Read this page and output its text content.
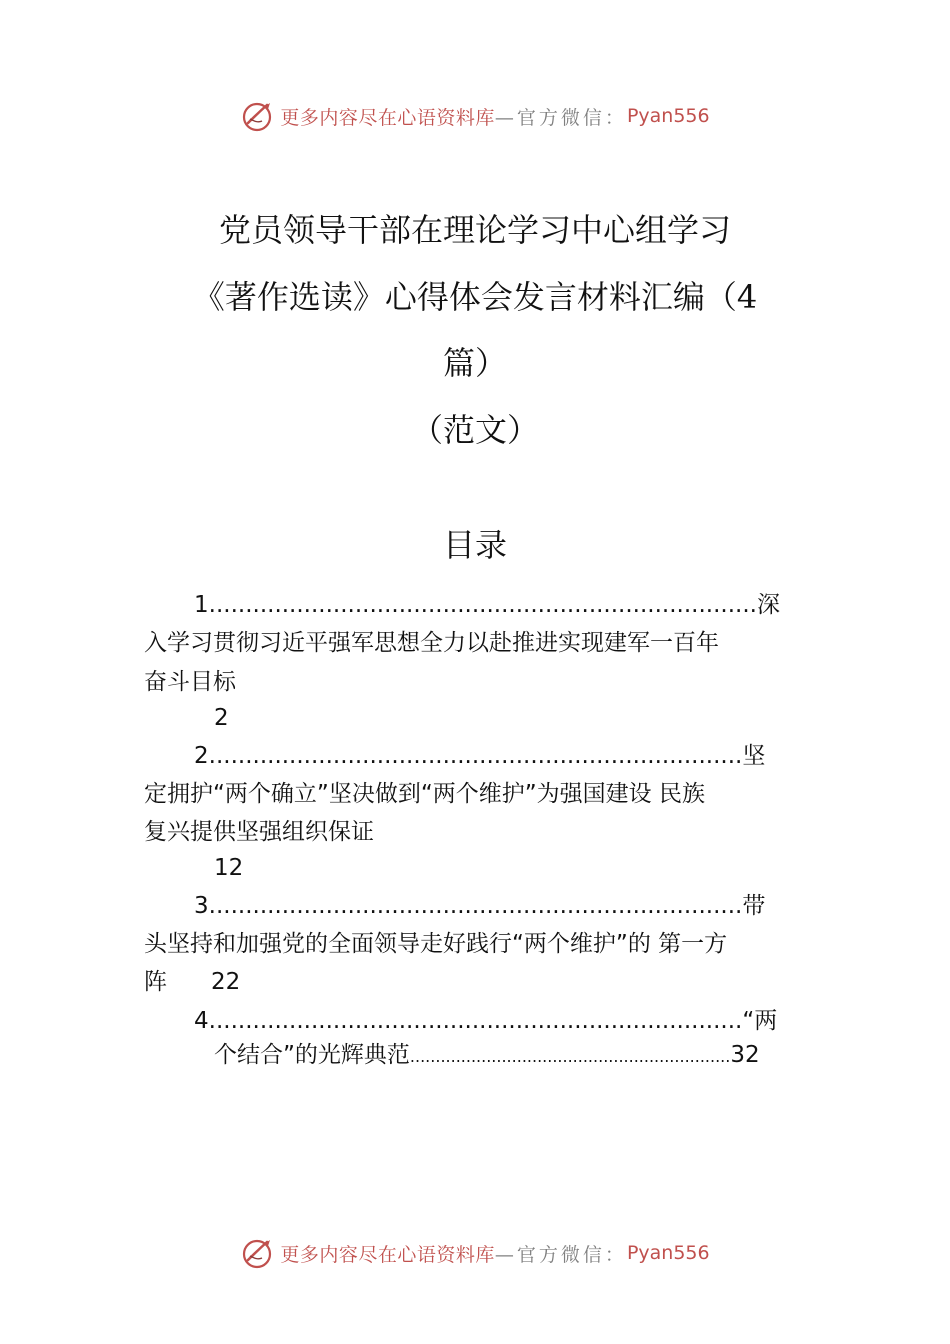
更多内容尽在心语资料库 —官方微信： Pyan556
党员领导干部在理论学习中心组学习
《著作选读》心得体会发言材料汇编（4
篇）
（范文）
目录
1...........................................................................深
入学习贯彻习近平强军思想全力以赴推进实现建军一百年
奋斗目标
2
2.........................................................................坚
定拥护“两个确立”坚决做到“两个维护”为强国建设 民族
复兴提供坚强组织保证
12
3.........................................................................带
头坚持和加强党的全面领导走好践行“两个维护”的 第一方
阵 22
4.........................................................................“两
个结合”的光辉典范...............................................................32
更多内容尽在心语资料库 —官方微信： Pyan556
